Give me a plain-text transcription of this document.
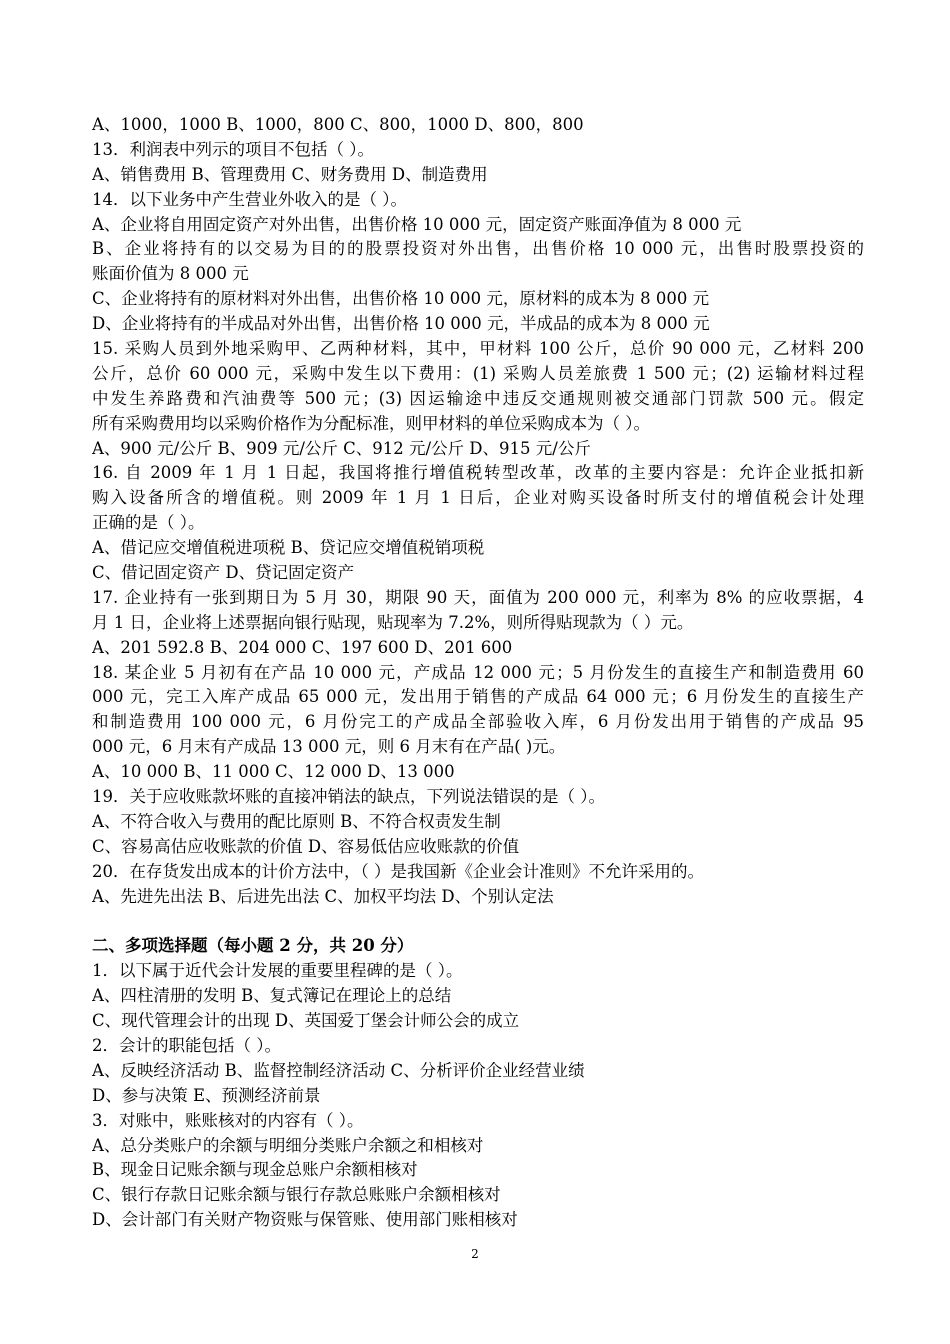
A、1000，1000 B、1000，800 C、800，1000 D、800，800
13．利润表中列示的项目不包括（ ）。
A、销售费用 B、管理费用 C、财务费用 D、制造费用
14．以下业务中产生营业外收入的是（ ）。
A、企业将自用固定资产对外出售，出售价格 10 000 元，固定资产账面净值为 8 000 元
B、企业将持有的以交易为目的的股票投资对外出售，出售价格 10 000 元，出售时股票投资的
账面价值为 8 000 元
C、企业将持有的原材料对外出售，出售价格 10 000 元，原材料的成本为 8 000 元
D、企业将持有的半成品对外出售，出售价格 10 000 元，半成品的成本为 8 000 元
15. 采购人员到外地采购甲、乙两种材料，其中，甲材料 100 公斤，总价 90 000 元，乙材料 200
公斤，总价 60 000 元，采购中发生以下费用：(1) 采购人员差旅费 1 500 元；(2) 运输材料过程
中发生养路费和汽油费等 500 元；(3) 因运输途中违反交通规则被交通部门罚款 500 元。假定
所有采购费用均以采购价格作为分配标准，则甲材料的单位采购成本为（ ）。
A、900 元/公斤 B、909 元/公斤 C、912 元/公斤 D、915 元/公斤
16. 自 2009 年 1 月 1 日起，我国将推行增值税转型改革，改革的主要内容是：允许企业抵扣新
购入设备所含的增值税。则 2009 年 1 月 1 日后，企业对购买设备时所支付的增值税会计处理
正确的是（ ）。
A、借记应交增值税进项税 B、贷记应交增值税销项税
C、借记固定资产 D、贷记固定资产
17. 企业持有一张到期日为 5 月 30，期限 90 天，面值为 200 000 元，利率为 8% 的应收票据，4
月 1 日，企业将上述票据向银行贴现，贴现率为 7.2%，则所得贴现款为（ ）元。
A、201 592.8 B、204 000 C、197 600 D、201 600
18. 某企业 5 月初有在产品 10 000 元，产成品 12 000 元；5 月份发生的直接生产和制造费用 60
000 元，完工入库产成品 65 000 元，发出用于销售的产成品 64 000 元；6 月份发生的直接生产
和制造费用 100 000 元，6 月份完工的产成品全部验收入库，6 月份发出用于销售的产成品 95
000 元，6 月末有产成品 13 000 元，则 6 月末有在产品( )元。
A、10 000 B、11 000 C、12 000 D、13 000
19．关于应收账款坏账的直接冲销法的缺点，下列说法错误的是（ ）。
A、不符合收入与费用的配比原则 B、不符合权责发生制
C、容易高估应收账款的价值 D、容易低估应收账款的价值
20．在存货发出成本的计价方法中，（ ）是我国新《企业会计准则》不允许采用的。
A、先进先出法 B、后进先出法 C、加权平均法 D、个别认定法
二、多项选择题（每小题 2 分，共 20 分）
1．以下属于近代会计发展的重要里程碑的是（ ）。
A、四柱清册的发明 B、复式簿记在理论上的总结
C、现代管理会计的出现 D、英国爱丁堡会计师公会的成立
2．会计的职能包括（ ）。
A、反映经济活动 B、监督控制经济活动 C、分析评价企业经营业绩
D、参与决策 E、预测经济前景
3．对账中，账账核对的内容有（ ）。
A、总分类账户的余额与明细分类账户余额之和相核对
B、现金日记账余额与现金总账户余额相核对
C、银行存款日记账余额与银行存款总账账户余额相核对
D、会计部门有关财产物资账与保管账、使用部门账相核对
2
